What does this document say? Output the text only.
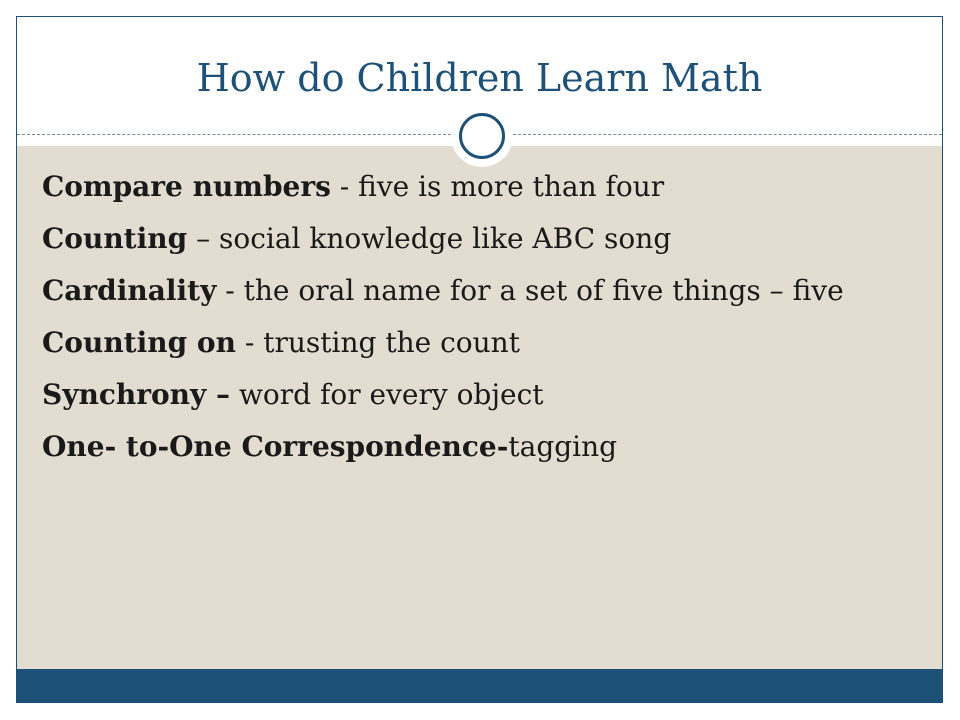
How do Children Learn Math
Compare numbers - five is more than four
Counting – social knowledge like ABC song
Cardinality - the oral name for a set of five things – five
Counting on - trusting the count
Synchrony – word for every object
One- to-One Correspondence-tagging
